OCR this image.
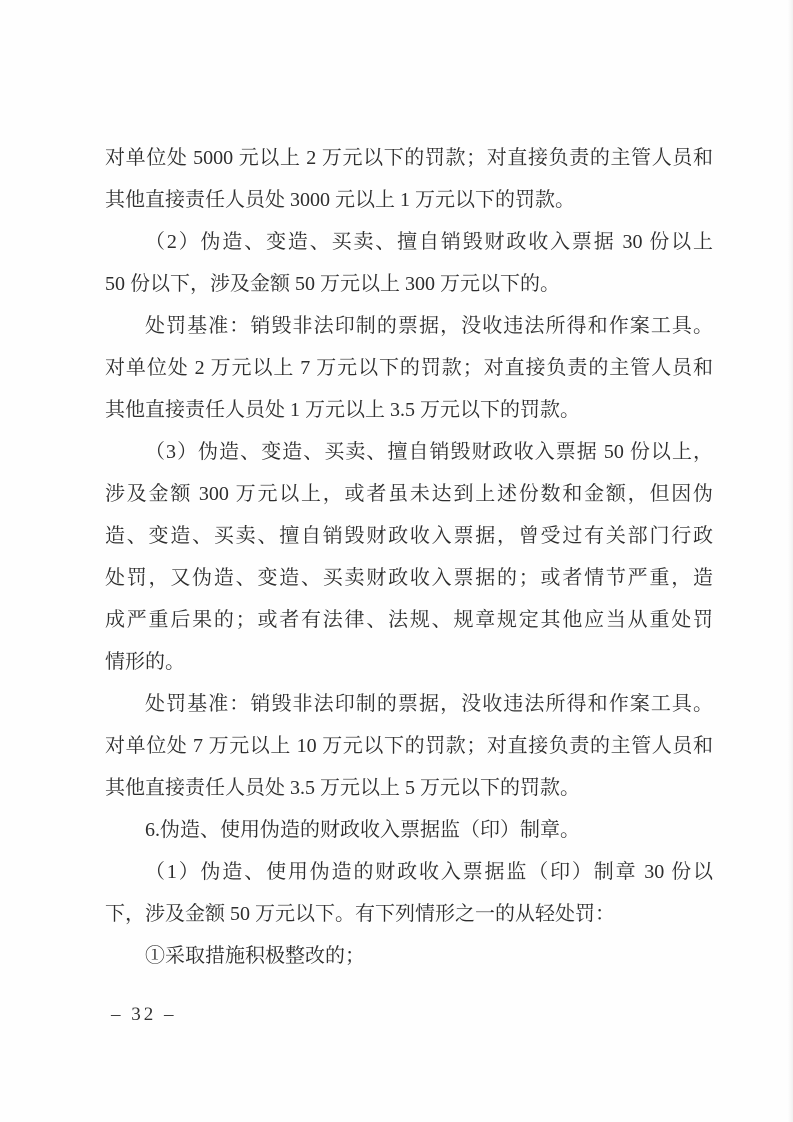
对单位处 5000 元以上 2 万元以下的罚款；对直接负责的主管人员和
其他直接责任人员处 3000 元以上 1 万元以下的罚款。
（2）伪造、变造、买卖、擅自销毁财政收入票据 30 份以上
50 份以下，涉及金额 50 万元以上 300 万元以下的。
处罚基准：销毁非法印制的票据，没收违法所得和作案工具。
对单位处 2 万元以上 7 万元以下的罚款；对直接负责的主管人员和
其他直接责任人员处 1 万元以上 3.5 万元以下的罚款。
（3）伪造、变造、买卖、擅自销毁财政收入票据 50 份以上，
涉及金额 300 万元以上，或者虽未达到上述份数和金额，但因伪
造、变造、买卖、擅自销毁财政收入票据，曾受过有关部门行政
处罚，又伪造、变造、买卖财政收入票据的；或者情节严重，造
成严重后果的；或者有法律、法规、规章规定其他应当从重处罚
情形的。
处罚基准：销毁非法印制的票据，没收违法所得和作案工具。
对单位处 7 万元以上 10 万元以下的罚款；对直接负责的主管人员和
其他直接责任人员处 3.5 万元以上 5 万元以下的罚款。
6.伪造、使用伪造的财政收入票据监（印）制章。
（1）伪造、使用伪造的财政收入票据监（印）制章 30 份以
下，涉及金额 50 万元以下。有下列情形之一的从轻处罚：
①采取措施积极整改的；
– 32 –
